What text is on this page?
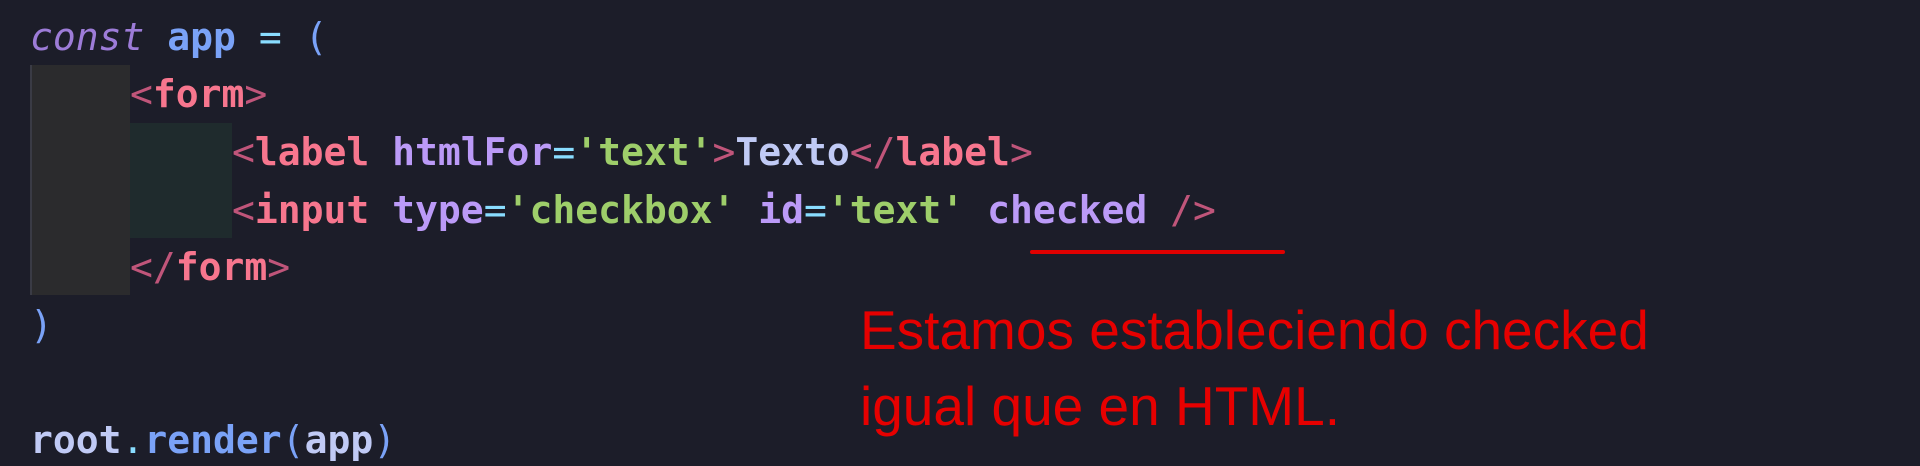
const app = (
<form>
<label htmlFor='text'>Texto</label>
<input type='checkbox' id='text' checked />
</form>
)
root.render(app)
Estamos estableciendo checked
igual que en HTML.
